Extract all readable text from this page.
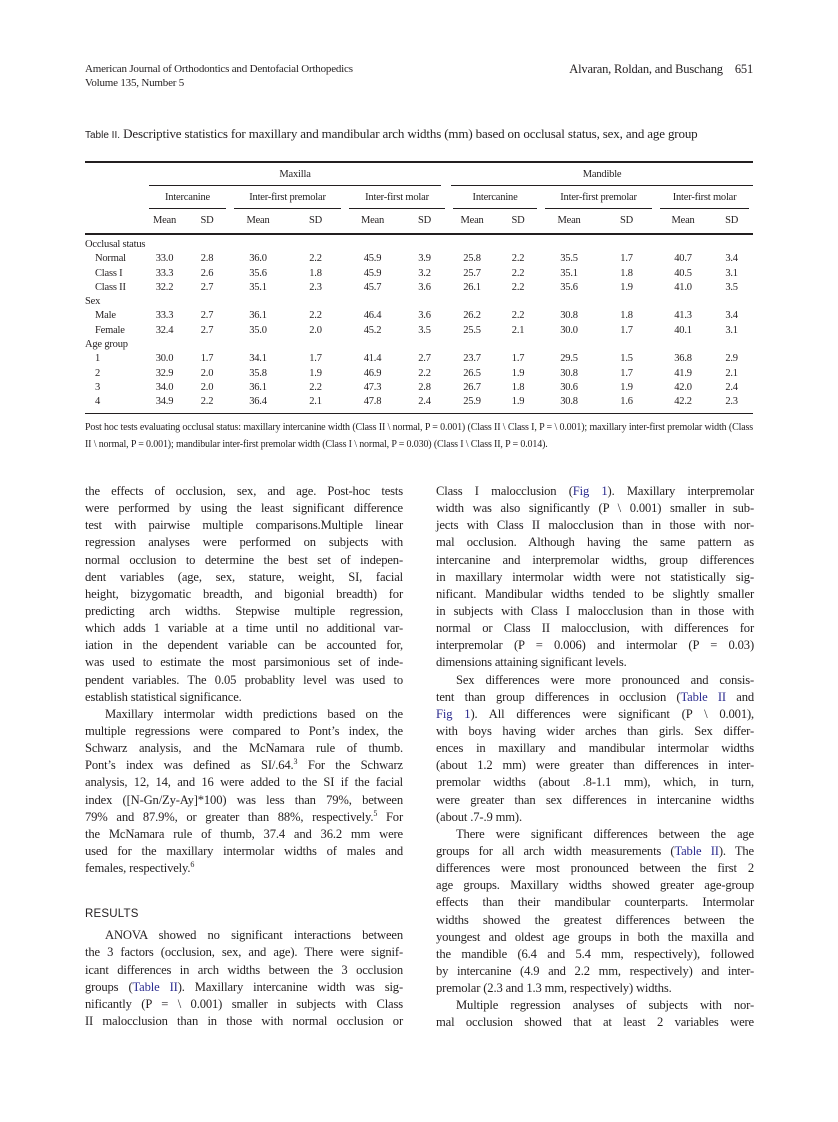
American Journal of Orthodontics and Dentofacial Orthopedics
Volume 135, Number 5
Alvaran, Roldan, and Buschang 651
Table II. Descriptive statistics for maxillary and mandibular arch widths (mm) based on occlusal status, sex, and age group

	Maxilla						Mandible					

	Intercanine		Inter-first premolar		Inter-first molar		Intercanine		Inter-first premolar		Inter-first molar	

	Mean	SD	Mean	SD	Mean	SD	Mean	SD	Mean	SD	Mean	SD
Occlusal status												
Normal	33.0	2.8	36.0	2.2	45.9	3.9	25.8	2.2	35.5	1.7	40.7	3.4
Class I	33.3	2.6	35.6	1.8	45.9	3.2	25.7	2.2	35.1	1.8	40.5	3.1
Class II	32.2	2.7	35.1	2.3	45.7	3.6	26.1	2.2	35.6	1.9	41.0	3.5
Sex												
Male	33.3	2.7	36.1	2.2	46.4	3.6	26.2	2.2	30.8	1.8	41.3	3.4
Female	32.4	2.7	35.0	2.0	45.2	3.5	25.5	2.1	30.0	1.7	40.1	3.1
Age group												
1	30.0	1.7	34.1	1.7	41.4	2.7	23.7	1.7	29.5	1.5	36.8	2.9
2	32.9	2.0	35.8	1.9	46.9	2.2	26.5	1.9	30.8	1.7	41.9	2.1
3	34.0	2.0	36.1	2.2	47.3	2.8	26.7	1.8	30.6	1.9	42.0	2.4
4	34.9	2.2	36.4	2.1	47.8	2.4	25.9	1.9	30.8	1.6	42.2	2.3
Post hoc tests evaluating occlusal status: maxillary intercanine width (Class II \ normal, P = 0.001) (Class II \ Class I, P = \ 0.001); maxillary inter-first premolar width (Class II \ normal, P = 0.001); mandibular inter-first premolar width (Class I \ normal, P = 0.030) (Class I \ Class II, P = 0.014).
the effects of occlusion, sex, and age. Post-hoc tests
were performed by using the least significant difference
test with pairwise multiple comparisons.Multiple linear
regression analyses were performed on subjects with
normal occlusion to determine the best set of indepen-
dent variables (age, sex, stature, weight, SI, facial
height, bizygomatic breadth, and bigonial breadth) for
predicting arch widths. Stepwise multiple regression,
which adds 1 variable at a time until no additional var-
iation in the dependent variable can be accounted for,
was used to estimate the most parsimonious set of inde-
pendent variables. The 0.05 probablity level was used to
establish statistical significance.
Maxillary intermolar width predictions based on the
multiple regressions were compared to Pont’s index, the
Schwarz analysis, and the McNamara rule of thumb.
Pont’s index was defined as SI/.64.$^3$ For the Schwarz
analysis, 12, 14, and 16 were added to the SI if the facial
index ([N-Gn/Zy-Ay]*100) was less than 79%, between
79% and 87.9%, or greater than 88%, respectively.$^5$ For
the McNamara rule of thumb, 37.4 and 36.2 mm were
used for the maxillary intermolar widths of males and
females, respectively.$^6$
RESULTS
ANOVA showed no significant interactions between
the 3 factors (occlusion, sex, and age). There were signif-
icant differences in arch widths between the 3 occlusion
groups (Table II). Maxillary intercanine width was sig-
nificantly (P = \ 0.001) smaller in subjects with Class
II malocclusion than in those with normal occlusion or
Class I malocclusion (Fig 1). Maxillary interpremolar
width was also significantly (P \ 0.001) smaller in sub-
jects with Class II malocclusion than in those with nor-
mal occlusion. Although having the same pattern as
intercanine and interpremolar widths, group differences
in maxillary intermolar width were not statistically sig-
nificant. Mandibular widths tended to be slightly smaller
in subjects with Class I malocclusion than in those with
normal or Class II malocclusion, with differences for
interpremolar (P = 0.006) and intermolar (P = 0.03)
dimensions attaining significant levels.
Sex differences were more pronounced and consis-
tent than group differences in occlusion (Table II and
Fig 1). All differences were significant (P \ 0.001),
with boys having wider arches than girls. Sex differ-
ences in maxillary and mandibular intermolar widths
(about 1.2 mm) were greater than differences in inter-
premolar widths (about .8-1.1 mm), which, in turn,
were greater than sex differences in intercanine widths
(about .7-.9 mm).
There were significant differences between the age
groups for all arch width measurements (Table II). The
differences were most pronounced between the first 2
age groups. Maxillary widths showed greater age-group
effects than their mandibular counterparts. Intermolar
widths showed the greatest differences between the
youngest and oldest age groups in both the maxilla and
the mandible (6.4 and 5.4 mm, respectively), followed
by intercanine (4.9 and 2.2 mm, respectively) and inter-
premolar (2.3 and 1.3 mm, respectively) widths.
Multiple regression analyses of subjects with nor-
mal occlusion showed that at least 2 variables were
